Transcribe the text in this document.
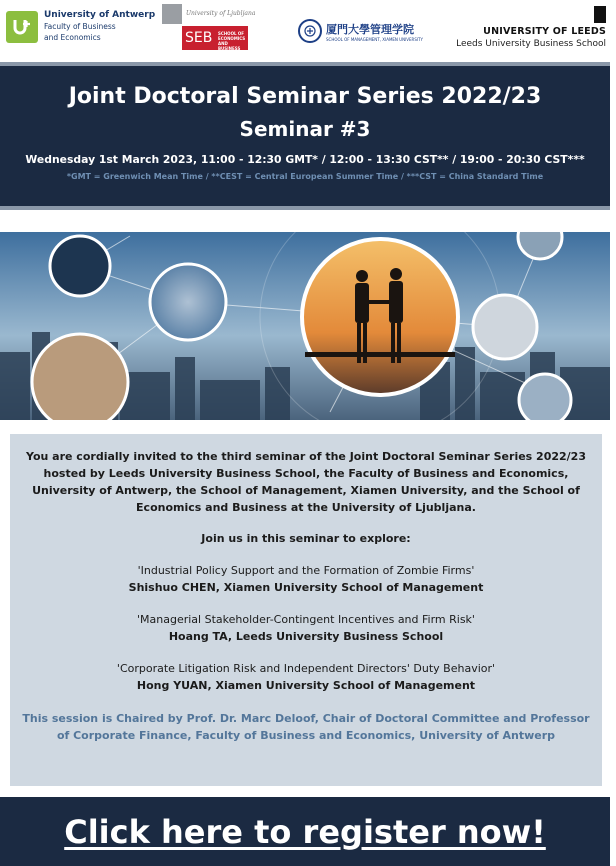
University of Antwerp
Faculty of Business
and Economics
University of Ljubljana
SEB SCHOOL OF ECONOMICS AND BUSINESS
厦門大學管理学院
SCHOOL OF MANAGEMENT, XIAMEN UNIVERSITY
UNIVERSITY OF LEEDS
Leeds University Business School
Joint Doctoral Seminar Series 2022/23
Seminar #3
Wednesday 1st March 2023, 11:00 - 12:30 GMT* / 12:00 - 13:30 CST** / 19:00 - 20:30 CST***
*GMT = Greenwich Mean Time / **CEST = Central European Summer Time / ***CST = China Standard Time
You are cordially invited to the third seminar of the Joint Doctoral Seminar Series 2022/23 hosted by Leeds University Business School, the Faculty of Business and Economics, University of Antwerp, the School of Management, Xiamen University, and the School of Economics and Business at the University of Ljubljana.
Join us in this seminar to explore:
'Industrial Policy Support and the Formation of Zombie Firms'
Shishuo CHEN, Xiamen University School of Management
'Managerial Stakeholder-Contingent Incentives and Firm Risk'
Hoang TA, Leeds University Business School
'Corporate Litigation Risk and Independent Directors' Duty Behavior'
Hong YUAN, Xiamen University School of Management
This session is Chaired by Prof. Dr. Marc Deloof, Chair of Doctoral Committee and Professor of Corporate Finance, Faculty of Business and Economics, University of Antwerp
Click here to register now!
